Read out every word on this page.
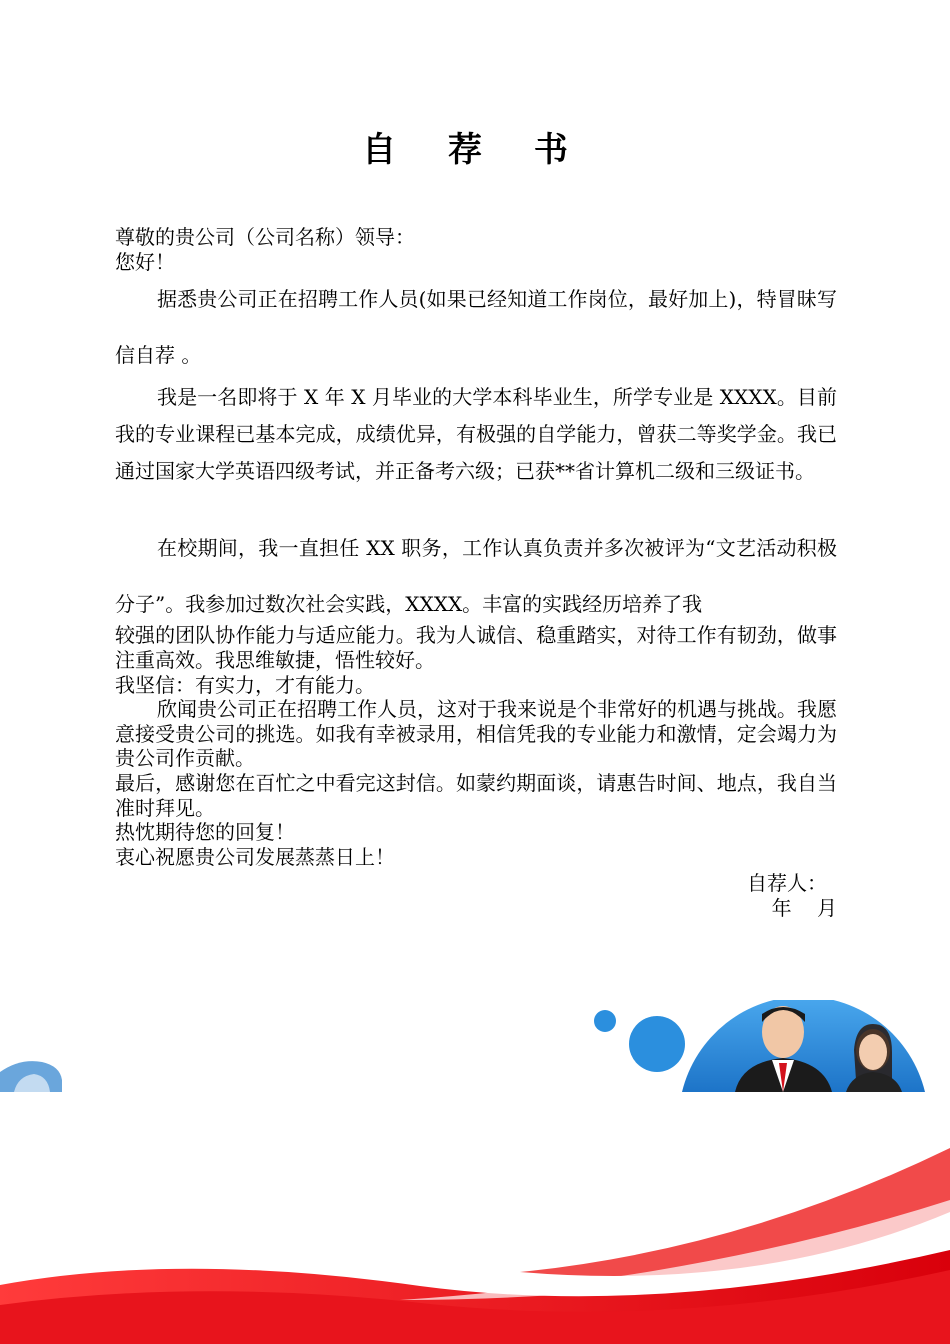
自 荐 书
尊敬的贵公司（公司名称）领导：
您好！
据悉贵公司正在招聘工作人员(如果已经知道工作岗位，最好加上)，特冒昧写信自荐 。
我是一名即将于 X 年 X 月毕业的大学本科毕业生，所学专业是 XXXX。目前我的专业课程已基本完成，成绩优异，有极强的自学能力，曾获二等奖学金。我已通过国家大学英语四级考试，并正备考六级；已获**省计算机二级和三级证书。
在校期间，我一直担任 XX 职务，工作认真负责并多次被评为“文艺活动积极分子”。我参加过数次社会实践，XXXX。丰富的实践经历培养了我
较强的团队协作能力与适应能力。我为人诚信、稳重踏实，对待工作有韧劲，做事注重高效。我思维敏捷，悟性较好。
我坚信：有实力，才有能力。
欣闻贵公司正在招聘工作人员，这对于我来说是个非常好的机遇与挑战。我愿意接受贵公司的挑选。如我有幸被录用，相信凭我的专业能力和激情，定会竭力为贵公司作贡献。
最后，感谢您在百忙之中看完这封信。如蒙约期面谈，请惠告时间、地点，我自当准时拜见。
热忱期待您的回复！
衷心祝愿贵公司发展蒸蒸日上！
自荐人：
年    月
